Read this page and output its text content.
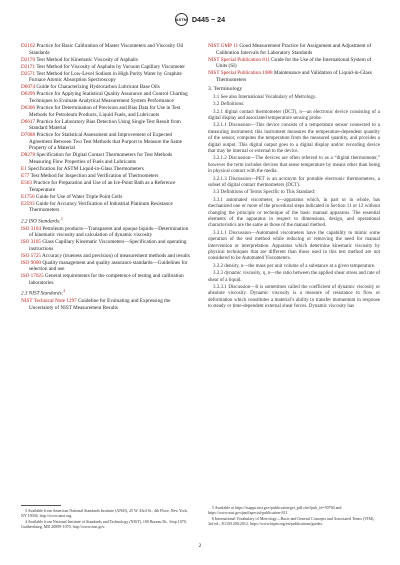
ASTM D445 − 24

D2162 Practice for Basic Calibration of Master Viscometers and Viscosity Oil Standards

D2170 Test Method for Kinematic Viscosity of Asphalts

D2171 Test Method for Viscosity of Asphalts by Vacuum Capillary Viscometer

D2571 Test Method for Low-Level Sodium in High Purity Water by Graphite Furnace Atomic Absorption Spectroscopy

D6074 Guide for Characterizing Hydrocarbon Lubricant Base Oils

D6299 Practice for Applying Statistical Quality Assurance and Control Charting Techniques to Evaluate Analytical Measurement System Performance

D6300 Practice for Determination of Precision and Bias Data for Use in Test Methods for Petroleum Products, Liquid Fuels, and Lubricants

D6617 Practice for Laboratory Bias Detection Using Single Test Result from Standard Material

D7088 Practice for Statistical Assessment and Improvement of Expected Agreement Between Two Test Methods that Purport to Measure the Same Property of a Material

D8278 Specification for Digital Contact Thermometers for Test Methods Measuring Flow Properties of Fuels and Lubricants

E1 Specification for ASTM Liquid-in-Glass Thermometers

E77 Test Method for Inspection and Verification of Thermometers

E563 Practice for Preparation and Use of an Ice-Point Bath as a Reference Temperature

E1750 Guide for Use of Water Triple Point Cells

E2593 Guide for Accuracy Verification of Industrial Platinum Resistance Thermometers

2.2 ISO Standards:$^3$

ISO 3104 Petroleum products—Transparent and opaque liquids—Determination of kinematic viscosity and calculation of dynamic viscosity

ISO 3105 Glass Capillary Kinematic Viscometers—Specification and operating instructions

ISO 5725 Accuracy (trueness and precision) of measurement methods and results

ISO 9000 Quality management and quality assurance standards—Guidelines for selection and use

ISO 17025 General requirements for the competence of testing and calibration laboratories

2.3 NIST Standards:$^4$

NIST Technical Note 1297 Guideline for Evaluating and Expressing the Uncertainty of NIST Measurement Results

NIST GMP 11 Good Measurement Practice for Assignment and Adjustment of Calibration Intervals for Laboratory Standards

NIST Special Publication 811 Guide for the Use of the International System of Units (SI)

NIST Special Publication 1088 Maintenance and Validation of Liquid-in-Glass Thermometers

3. Terminology

3.1 See also International Vocabulary of Metrology.

3.2 Definitions:

3.2.1 digital contact thermometer (DCT), n—an electronic device consisting of a digital display and associated temperature sensing probe.

3.2.1.1 Discussion—This device consists of a temperature sensor connected to a measuring instrument; this instrument measures the temperature-dependent quantity of the sensor, computes the temperature from the measured quantity, and provides a digital output. This digital output goes to a digital display and/or recording device that may be internal or external to the device.

3.2.1.2 Discussion—The devices are often referred to as a “digital thermometer,” however the term includes devices that sense temperature by means other than being in physical contact with the media.

3.2.1.3 Discussion—PET is an acronym for portable electronic thermometers, a subset of digital contact thermometers (DCT).

3.3 Definitions of Terms Specific to This Standard:

3.3.1 automated viscometer, n—apparatus which, in part or in whole, has mechanized one or more of the procedural steps indicated in Section 11 or 12 without changing the principle or technique of the basic manual apparatus. The essential elements of the apparatus in respect to dimensions, design, and operational characteristics are the same as those of the manual method.

3.3.1.1 Discussion—Automated viscometers have the capability to mimic some operation of the test method while reducing or removing the need for manual intervention or interpretation. Apparatus which determine kinematic viscosity by physical techniques that are different than those used in this test method are not considered to be Automated Viscometers.

3.3.2 density, n—the mass per unit volume of a substance at a given temperature.

3.3.3 dynamic viscosity, η, n—the ratio between the applied shear stress and rate of shear of a liquid.

3.3.3.1 Discussion—It is sometimes called the coefficient of dynamic viscosity or absolute viscosity. Dynamic viscosity is a measure of resistance to flow or deformation which constitutes a material’s ability to transfer momentum in response to steady or time-dependent external shear forces. Dynamic viscosity has

3 Available from American National Standards Institute (ANSI), 25 W. 43rd St., 4th Floor, New York, NY 10036, http://www.ansi.org.

4 Available from National Institute of Standards and Technology (NIST), 100 Bureau Dr., Stop 1070, Gaithersburg, MD 20899-1070, http://www.nist.gov.

5 Available at https://tsapps.nist.gov/publication/get_pdf.cfm?pub_id=50760 and https://www.nist.gov/pml/special-publication-811.

6 International Vocabulary of Metrology—Basic and General Concepts and Associated Terms (VIM), 3rd ed., JCGM 200:2012, https://www.bipm.org/en/publications/guides.

2
